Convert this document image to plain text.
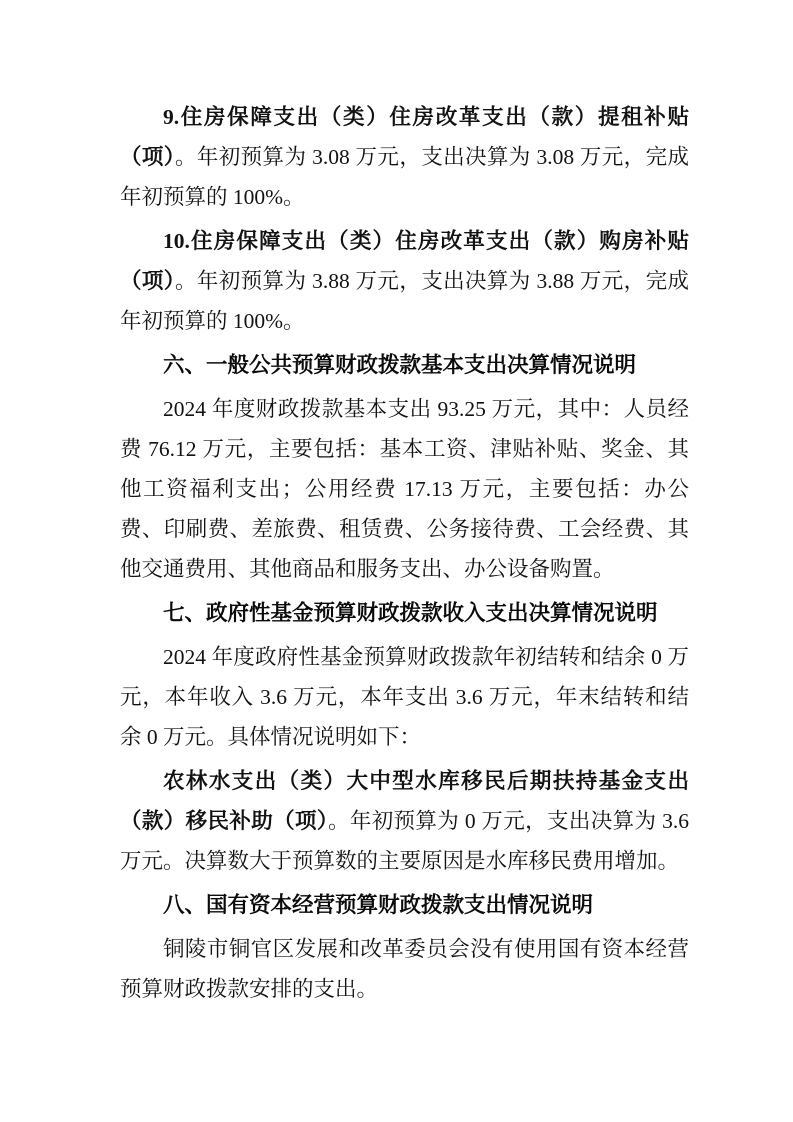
9.住房保障支出（类）住房改革支出（款）提租补贴（项）。年初预算为 3.08 万元，支出决算为 3.08 万元，完成年初预算的 100%。

10.住房保障支出（类）住房改革支出（款）购房补贴（项）。年初预算为 3.88 万元，支出决算为 3.88 万元，完成年初预算的 100%。

六、一般公共预算财政拨款基本支出决算情况说明

2024 年度财政拨款基本支出 93.25 万元，其中：人员经费 76.12 万元，主要包括：基本工资、津贴补贴、奖金、其他工资福利支出；公用经费 17.13 万元，主要包括：办公费、印刷费、差旅费、租赁费、公务接待费、工会经费、其他交通费用、其他商品和服务支出、办公设备购置。

七、政府性基金预算财政拨款收入支出决算情况说明

2024 年度政府性基金预算财政拨款年初结转和结余 0 万元，本年收入 3.6 万元，本年支出 3.6 万元，年末结转和结余 0 万元。具体情况说明如下：

农林水支出（类）大中型水库移民后期扶持基金支出（款）移民补助（项）。年初预算为 0 万元，支出决算为 3.6 万元。决算数大于预算数的主要原因是水库移民费用增加。

八、国有资本经营预算财政拨款支出情况说明

铜陵市铜官区发展和改革委员会没有使用国有资本经营预算财政拨款安排的支出。
